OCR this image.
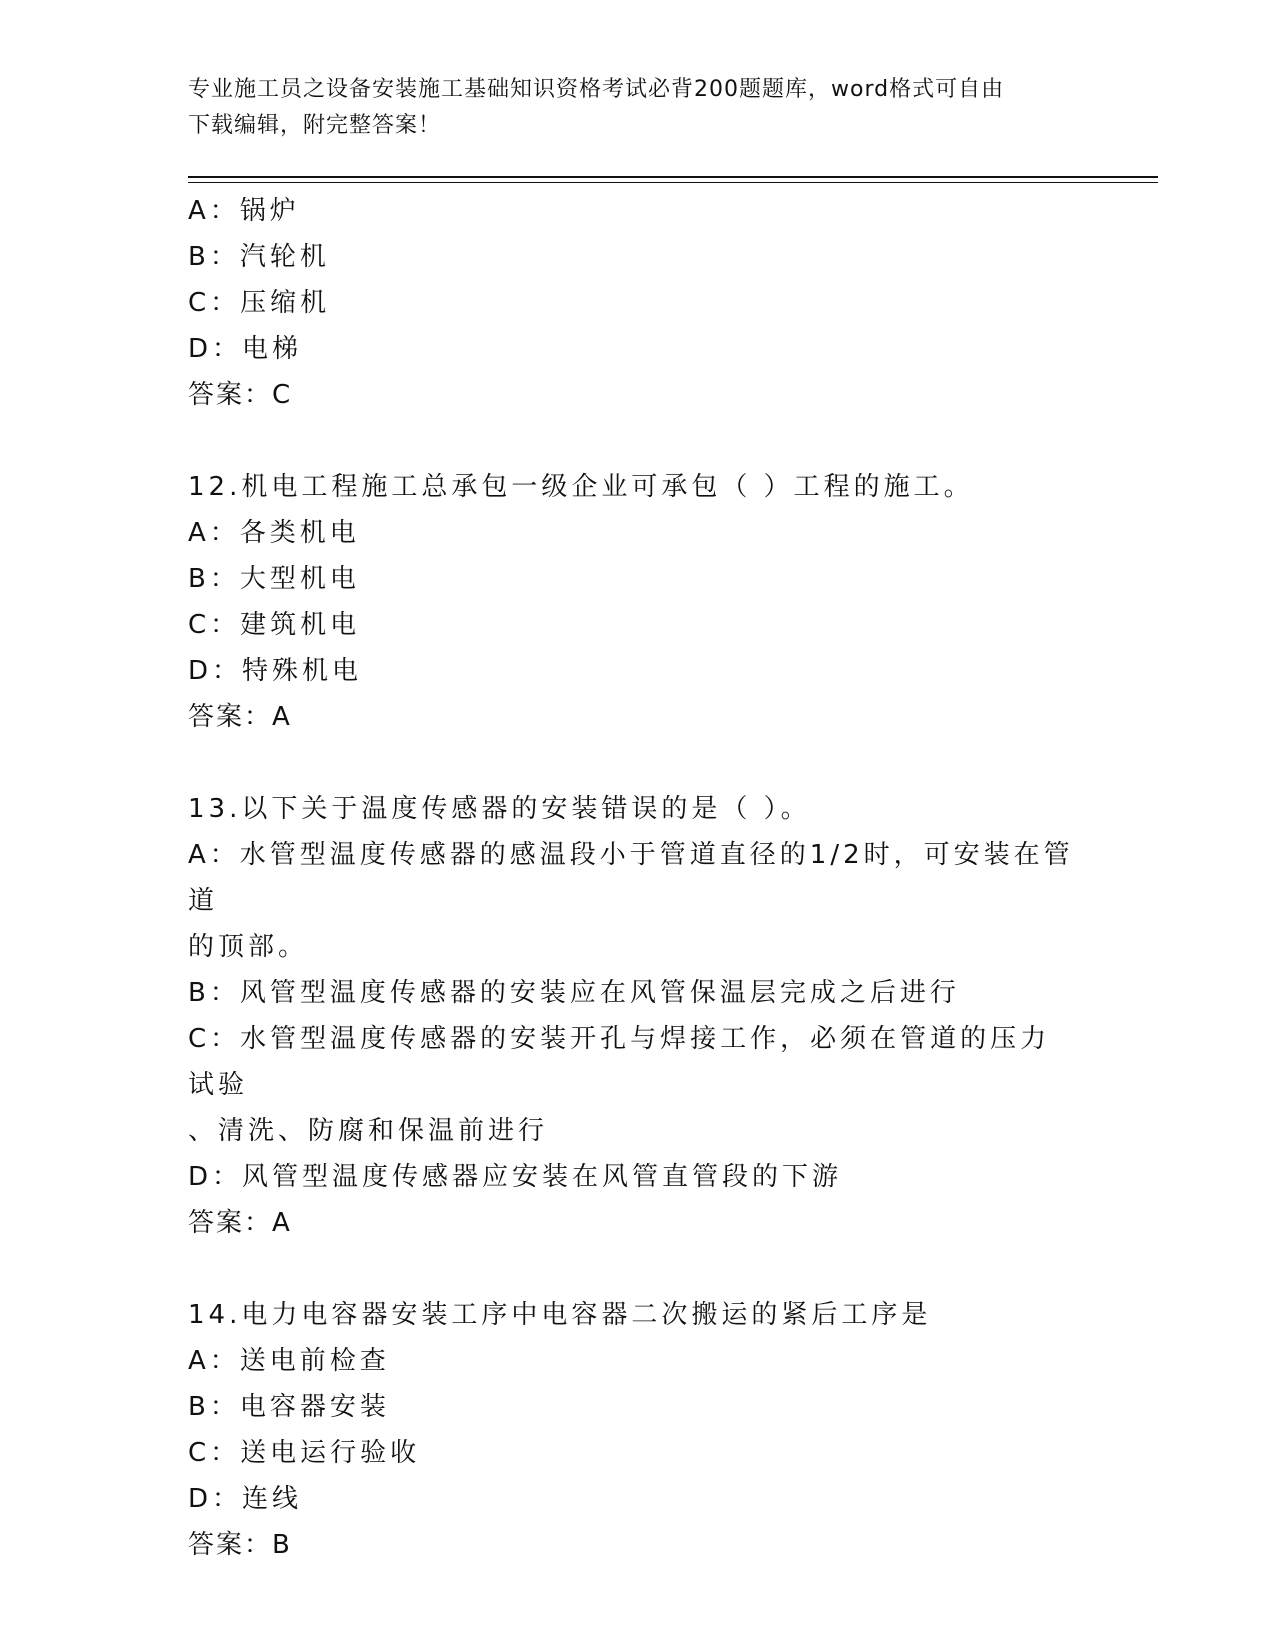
专业施工员之设备安装施工基础知识资格考试必背200题题库，word格式可自由
下载编辑，附完整答案！

A：锅炉

B：汽轮机

C：压缩机

D：电梯

答案：C

12.机电工程施工总承包一级企业可承包（ ）工程的施工。

A：各类机电

B：大型机电

C：建筑机电

D：特殊机电

答案：A

13.以下关于温度传感器的安装错误的是（ ）。

A：水管型温度传感器的感温段小于管道直径的1/2时，可安装在管道

的顶部。

B：风管型温度传感器的安装应在风管保温层完成之后进行

C：水管型温度传感器的安装开孔与焊接工作，必须在管道的压力试验

、清洗、防腐和保温前进行

D：风管型温度传感器应安装在风管直管段的下游

答案：A

14.电力电容器安装工序中电容器二次搬运的紧后工序是

A：送电前检查

B：电容器安装

C：送电运行验收

D：连线

答案：B
